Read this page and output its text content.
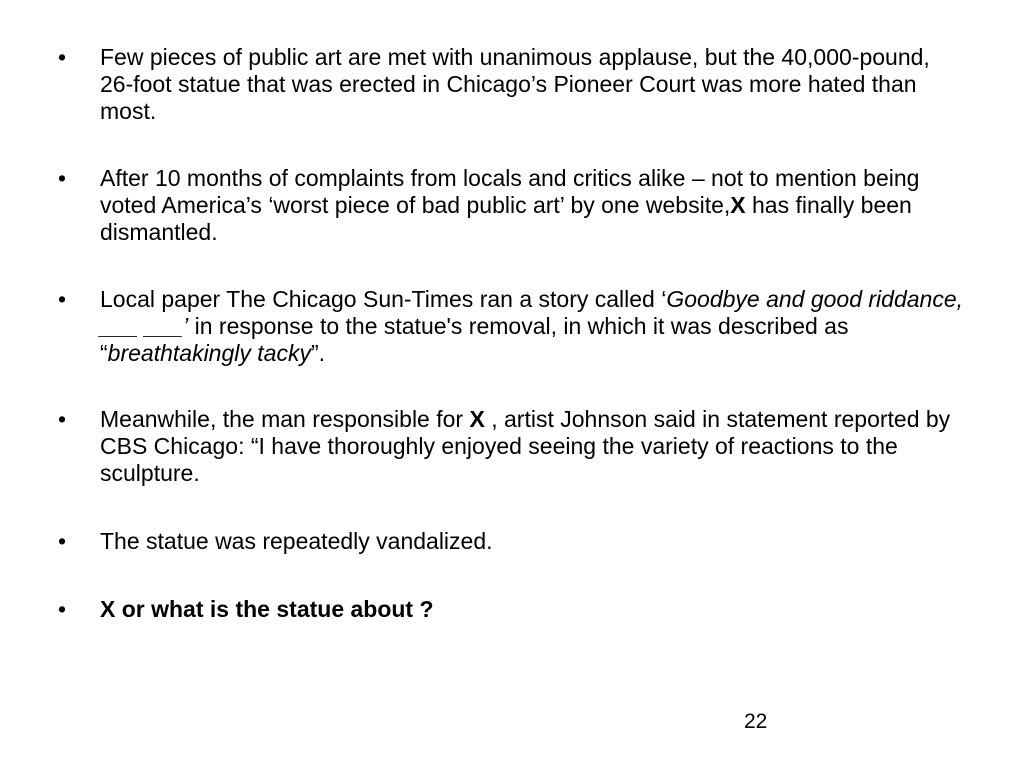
• Few pieces of public art are met with unanimous applause, but the 40,000-pound, 26-foot statue that was erected in Chicago’s Pioneer Court was more hated than most.
• After 10 months of complaints from locals and critics alike – not to mention being voted America’s ‘worst piece of bad public art’ by one website,X has finally been dismantled.
• Local paper The Chicago Sun-Times ran a story called ‘Goodbye and good riddance, ___ ___’ in response to the statue's removal, in which it was described as “breathtakingly tacky”.
• Meanwhile, the man responsible for X , artist Johnson said in statement reported by CBS Chicago: “I have thoroughly enjoyed seeing the variety of reactions to the sculpture.
• The statue was repeatedly vandalized.
• X or what is the statue about ?
22
